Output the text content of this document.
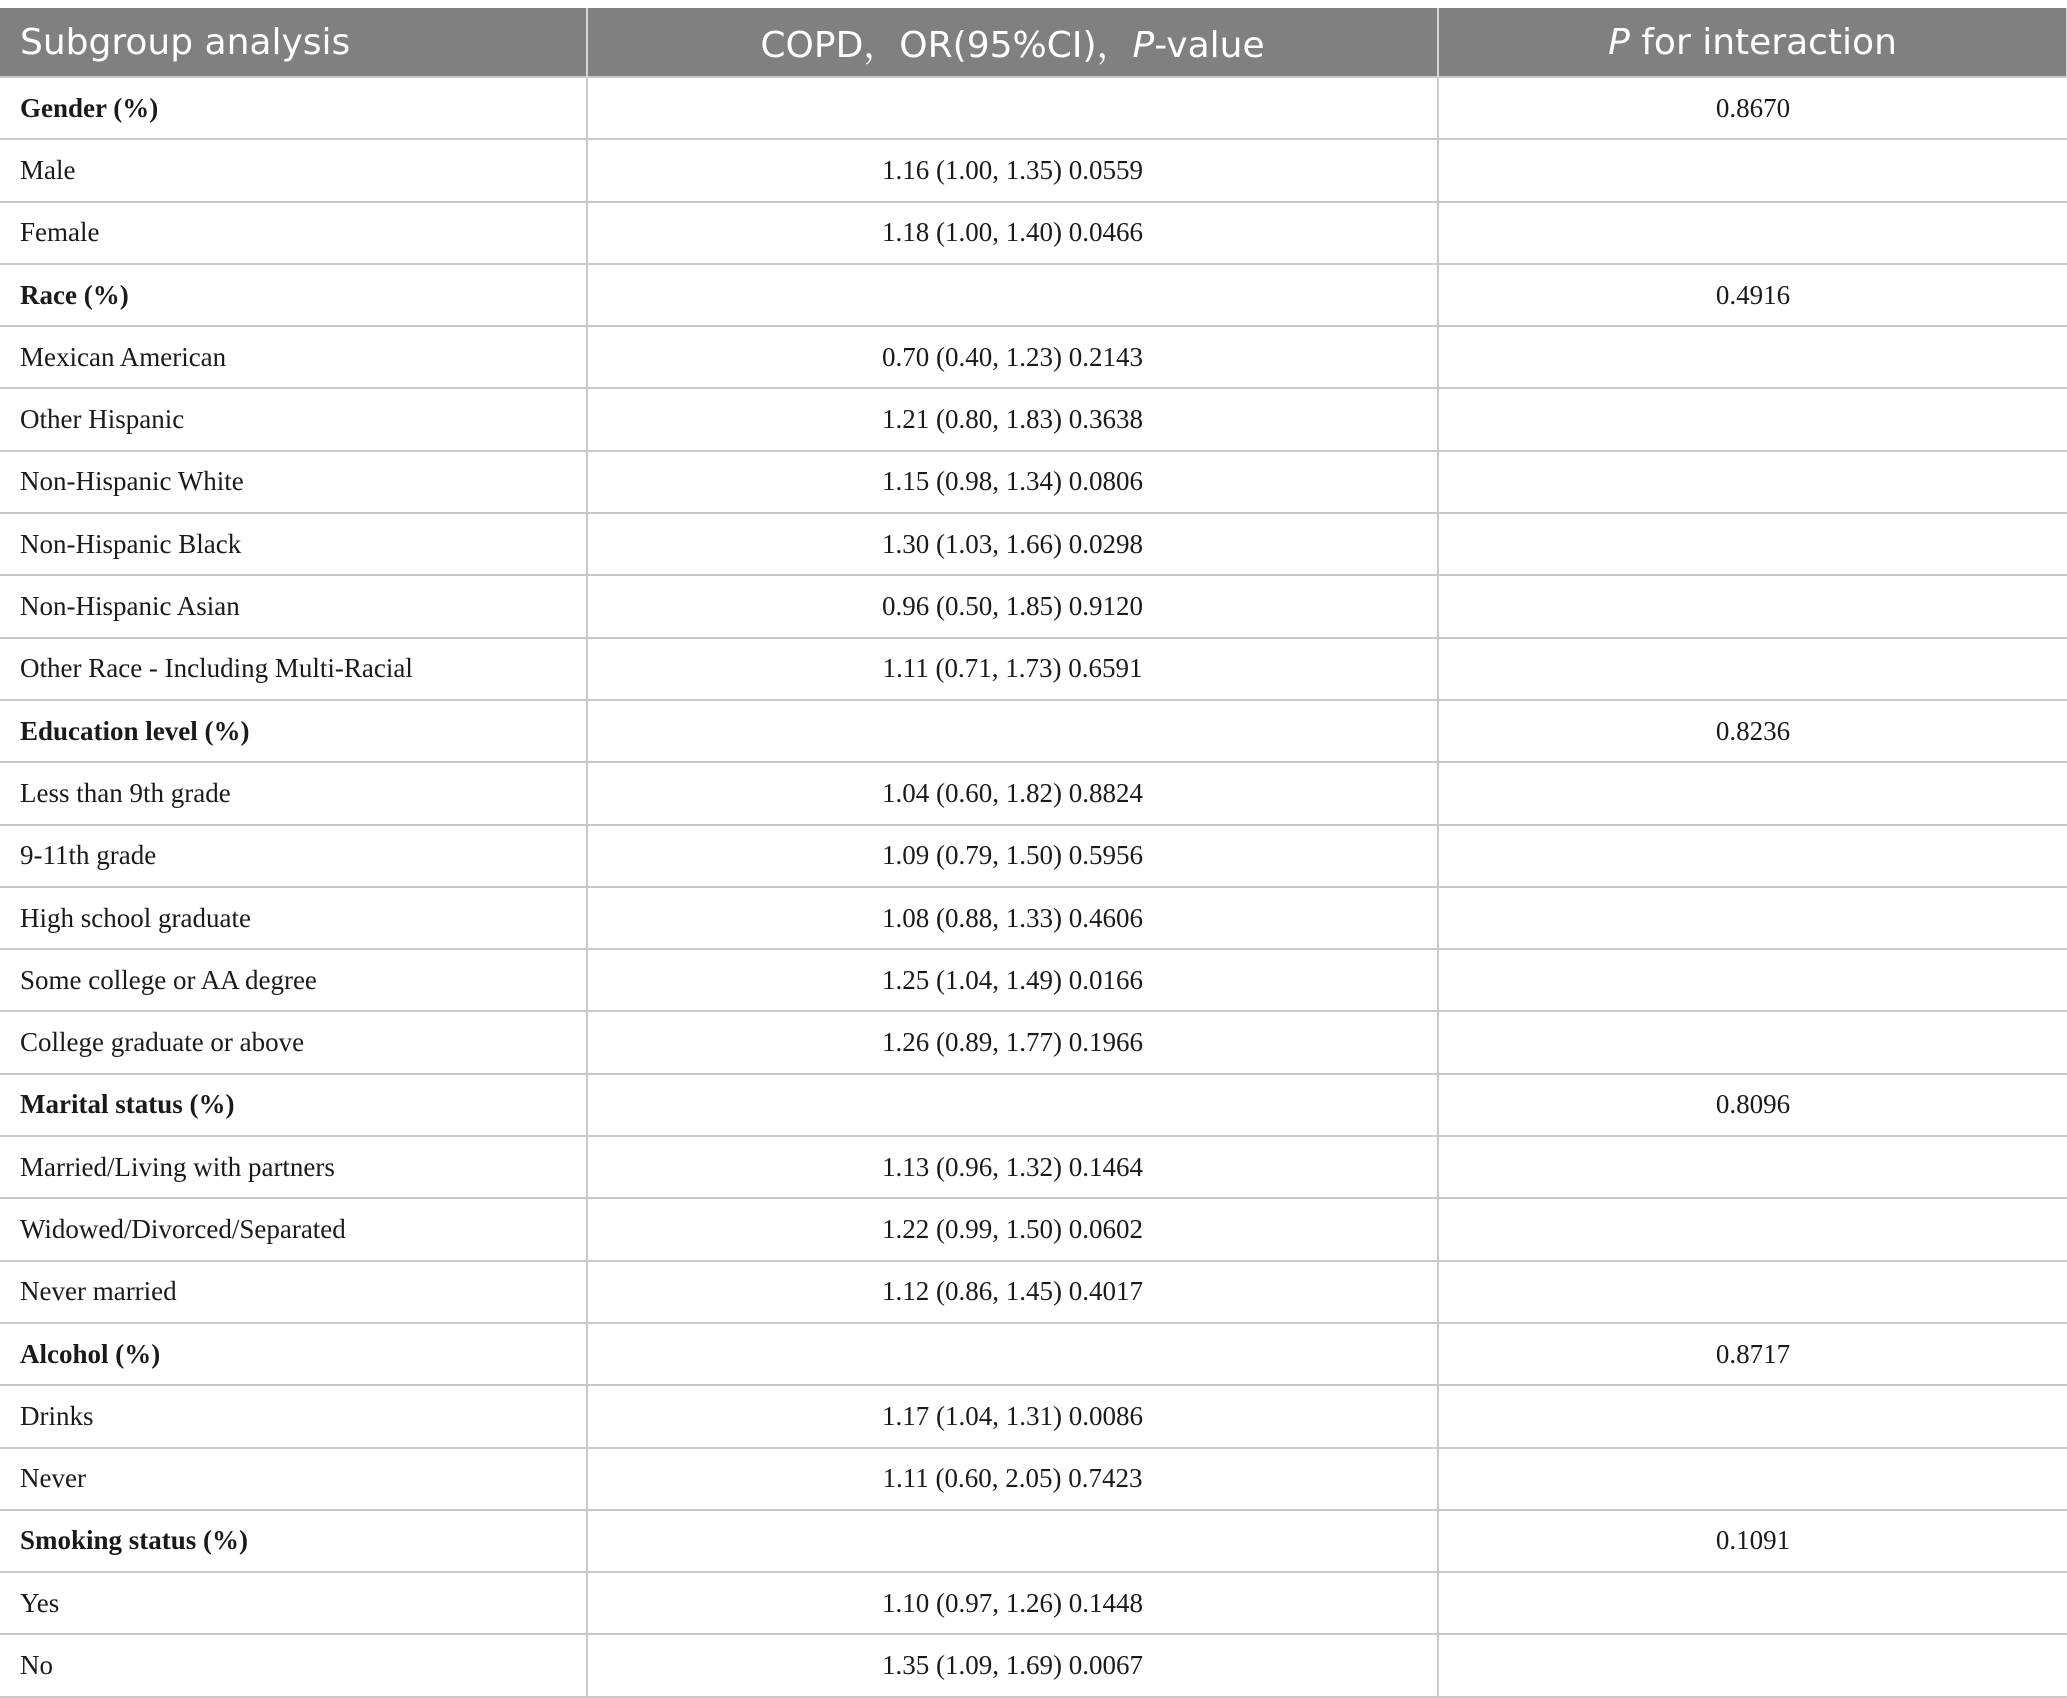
Subgroup analysis	COPD，OR(95%CI)，P-value	P for interaction
Gender (%)		0.8670
Male	1.16 (1.00, 1.35) 0.0559	
Female	1.18 (1.00, 1.40) 0.0466	
Race (%)		0.4916
Mexican American	0.70 (0.40, 1.23) 0.2143	
Other Hispanic	1.21 (0.80, 1.83) 0.3638	
Non-Hispanic White	1.15 (0.98, 1.34) 0.0806	
Non-Hispanic Black	1.30 (1.03, 1.66) 0.0298	
Non-Hispanic Asian	0.96 (0.50, 1.85) 0.9120	
Other Race - Including Multi-Racial	1.11 (0.71, 1.73) 0.6591	
Education level (%)		0.8236
Less than 9th grade	1.04 (0.60, 1.82) 0.8824	
9-11th grade	1.09 (0.79, 1.50) 0.5956	
High school graduate	1.08 (0.88, 1.33) 0.4606	
Some college or AA degree	1.25 (1.04, 1.49) 0.0166	
College graduate or above	1.26 (0.89, 1.77) 0.1966	
Marital status (%)		0.8096
Married/Living with partners	1.13 (0.96, 1.32) 0.1464	
Widowed/Divorced/Separated	1.22 (0.99, 1.50) 0.0602	
Never married	1.12 (0.86, 1.45) 0.4017	
Alcohol (%)		0.8717
Drinks	1.17 (1.04, 1.31) 0.0086	
Never	1.11 (0.60, 2.05) 0.7423	
Smoking status (%)		0.1091
Yes	1.10 (0.97, 1.26) 0.1448	
No	1.35 (1.09, 1.69) 0.0067	
